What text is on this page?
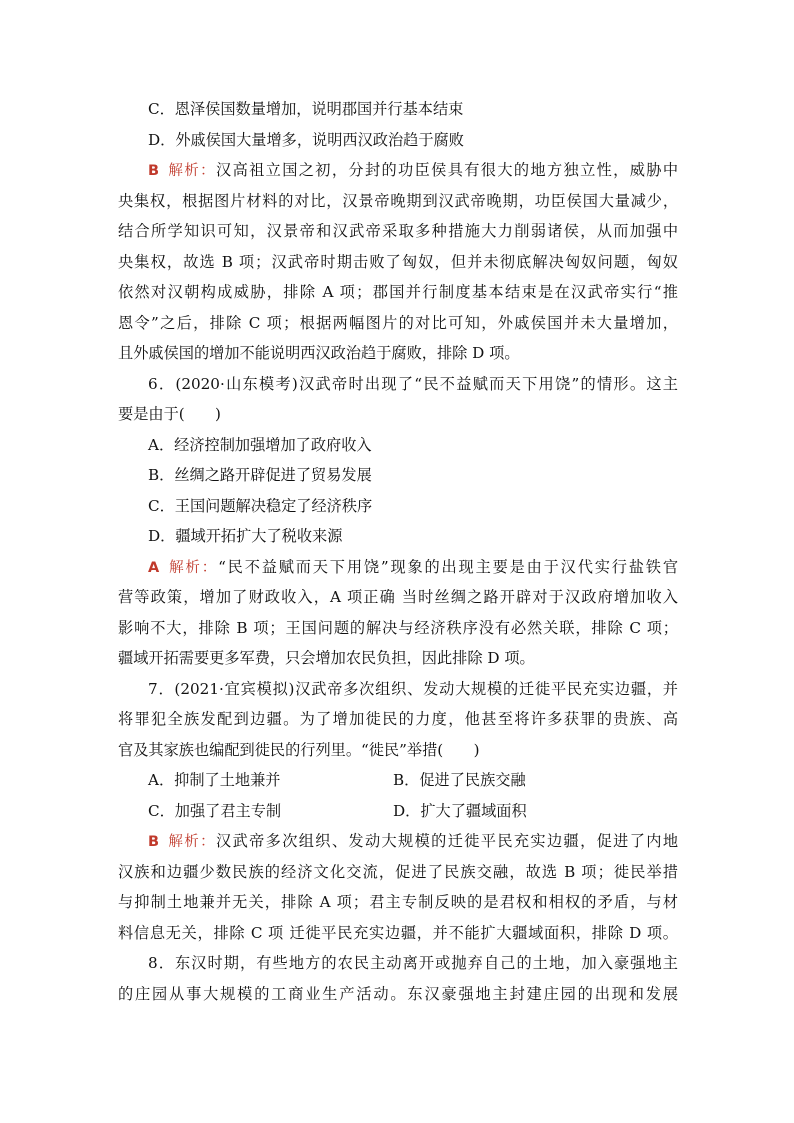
C．恩泽侯国数量增加，说明郡国并行基本结束
D．外戚侯国大量增多，说明西汉政治趋于腐败
B 解析：汉高祖立国之初，分封的功臣侯具有很大的地方独立性，威胁中
央集权，根据图片材料的对比，汉景帝晚期到汉武帝晚期，功臣侯国大量减少，
结合所学知识可知，汉景帝和汉武帝采取多种措施大力削弱诸侯，从而加强中
央集权，故选 B 项；汉武帝时期击败了匈奴，但并未彻底解决匈奴问题，匈奴
依然对汉朝构成威胁，排除 A 项；郡国并行制度基本结束是在汉武帝实行“推
恩令”之后，排除 C 项；根据两幅图片的对比可知，外戚侯国并未大量增加，
且外戚侯国的增加不能说明西汉政治趋于腐败，排除 D 项。
6．(2020·山东模考)汉武帝时出现了“民不益赋而天下用饶”的情形。这主
要是由于(　　)
A．经济控制加强增加了政府收入
B．丝绸之路开辟促进了贸易发展
C．王国问题解决稳定了经济秩序
D．疆域开拓扩大了税收来源
A 解析：“民不益赋而天下用饶”现象的出现主要是由于汉代实行盐铁官
营等政策，增加了财政收入，A 项正确 当时丝绸之路开辟对于汉政府增加收入
影响不大，排除 B 项；王国问题的解决与经济秩序没有必然关联，排除 C 项；
疆域开拓需要更多军费，只会增加农民负担，因此排除 D 项。
7．(2021·宜宾模拟)汉武帝多次组织、发动大规模的迁徙平民充实边疆，并
将罪犯全族发配到边疆。为了增加徙民的力度，他甚至将许多获罪的贵族、高
官及其家族也编配到徙民的行列里。“徙民”举措(　　)
A．抑制了土地兼并	B．促进了民族交融
C．加强了君主专制	D．扩大了疆域面积
B 解析：汉武帝多次组织、发动大规模的迁徙平民充实边疆，促进了内地
汉族和边疆少数民族的经济文化交流，促进了民族交融，故选 B 项；徙民举措
与抑制土地兼并无关，排除 A 项；君主专制反映的是君权和相权的矛盾，与材
料信息无关，排除 C 项 迁徙平民充实边疆，并不能扩大疆域面积，排除 D 项。
8．东汉时期，有些地方的农民主动离开或抛弃自己的土地，加入豪强地主
的庄园从事大规模的工商业生产活动。东汉豪强地主封建庄园的出现和发展
